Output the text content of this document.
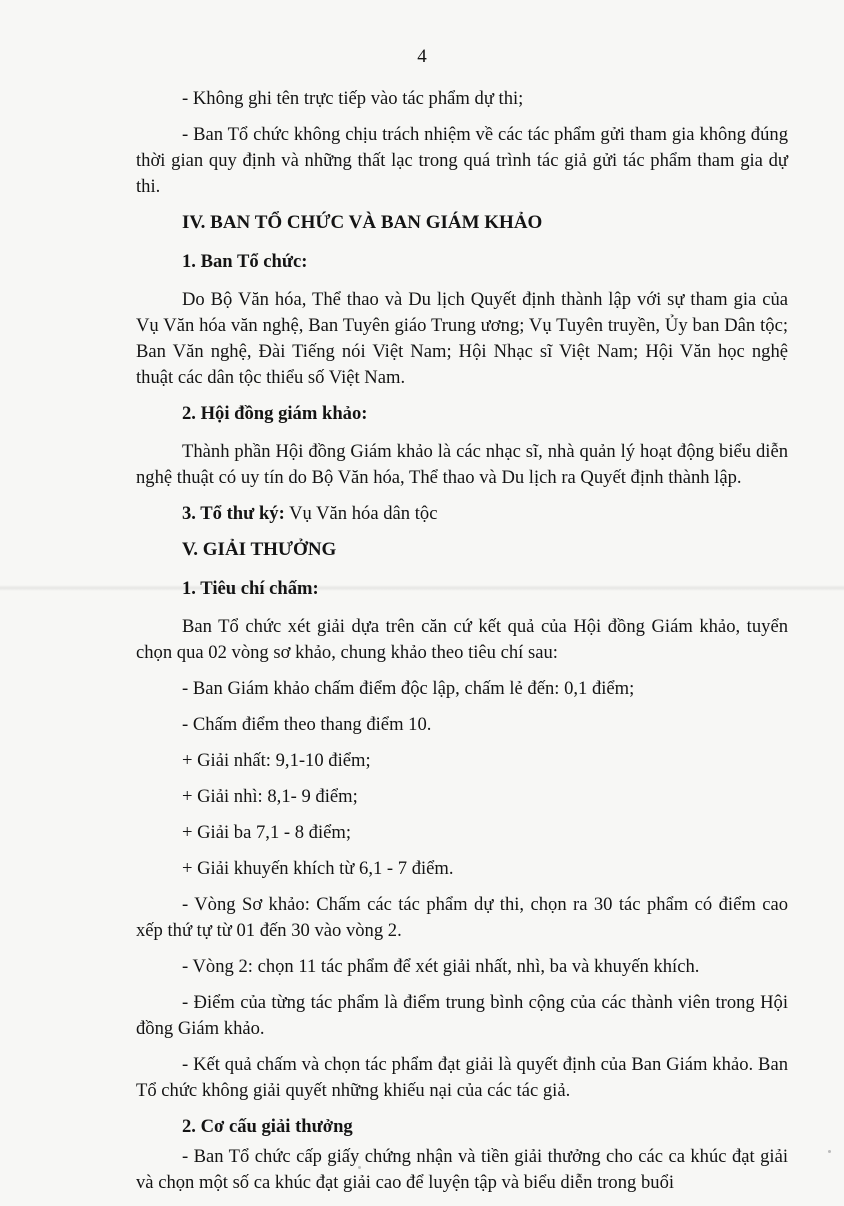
4

- Không ghi tên trực tiếp vào tác phẩm dự thi;

- Ban Tổ chức không chịu trách nhiệm về các tác phẩm gửi tham gia không đúng thời gian quy định và những thất lạc trong quá trình tác giả gửi tác phẩm tham gia dự thi.

IV. BAN TỔ CHỨC VÀ BAN GIÁM KHẢO
1. Ban Tổ chức:

Do Bộ Văn hóa, Thể thao và Du lịch Quyết định thành lập với sự tham gia của Vụ Văn hóa văn nghệ, Ban Tuyên giáo Trung ương; Vụ Tuyên truyền, Ủy ban Dân tộc; Ban Văn nghệ, Đài Tiếng nói Việt Nam; Hội Nhạc sĩ Việt Nam; Hội Văn học nghệ thuật các dân tộc thiểu số Việt Nam.

2. Hội đồng giám khảo:

Thành phần Hội đồng Giám khảo là các nhạc sĩ, nhà quản lý hoạt động biểu diễn nghệ thuật có uy tín do Bộ Văn hóa, Thể thao và Du lịch ra Quyết định thành lập.

3. Tổ thư ký: Vụ Văn hóa dân tộc

V. GIẢI THƯỞNG
1. Tiêu chí chấm:

Ban Tổ chức xét giải dựa trên căn cứ kết quả của Hội đồng Giám khảo, tuyển chọn qua 02 vòng sơ khảo, chung khảo theo tiêu chí sau:

- Ban Giám khảo chấm điểm độc lập, chấm lẻ đến: 0,1 điểm;

- Chấm điểm theo thang điểm 10.

+ Giải nhất: 9,1-10 điểm;

+ Giải nhì: 8,1- 9 điểm;

+ Giải ba 7,1 - 8 điểm;

+ Giải khuyến khích từ 6,1 - 7 điểm.

- Vòng Sơ khảo: Chấm các tác phẩm dự thi, chọn ra 30 tác phẩm có điểm cao xếp thứ tự từ 01 đến 30 vào vòng 2.

- Vòng 2: chọn 11 tác phẩm để xét giải nhất, nhì, ba và khuyến khích.

- Điểm của từng tác phẩm là điểm trung bình cộng của các thành viên trong Hội đồng Giám khảo.

- Kết quả chấm và chọn tác phẩm đạt giải là quyết định của Ban Giám khảo. Ban Tổ chức không giải quyết những khiếu nại của các tác giả.

2. Cơ cấu giải thưởng

- Ban Tổ chức cấp giấy chứng nhận và tiền giải thưởng cho các ca khúc đạt giải và chọn một số ca khúc đạt giải cao để luyện tập và biểu diễn trong buổi
